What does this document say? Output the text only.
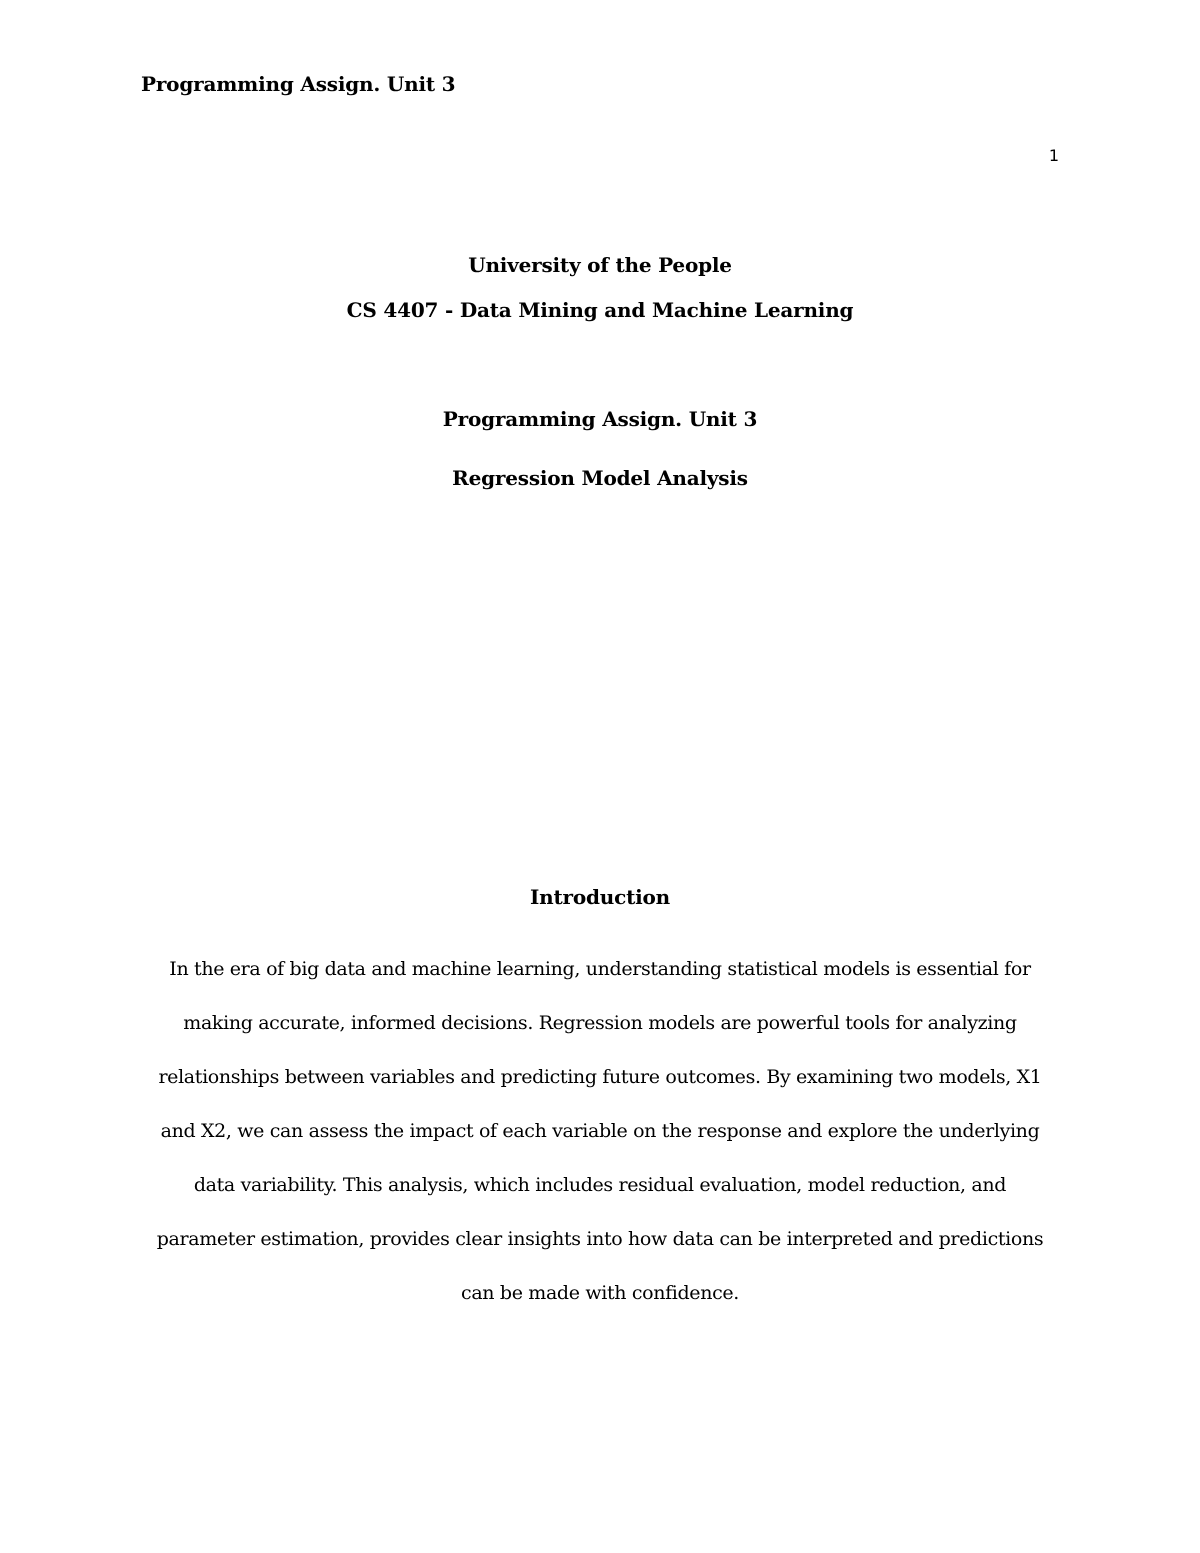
Programming Assign. Unit 3
1
University of the People
CS 4407 - Data Mining and Machine Learning
Programming Assign. Unit 3
Regression Model Analysis
Introduction
In the era of big data and machine learning, understanding statistical models is essential for
making accurate, informed decisions. Regression models are powerful tools for analyzing
relationships between variables and predicting future outcomes. By examining two models, X1
and X2, we can assess the impact of each variable on the response and explore the underlying
data variability. This analysis, which includes residual evaluation, model reduction, and
parameter estimation, provides clear insights into how data can be interpreted and predictions
can be made with confidence.
